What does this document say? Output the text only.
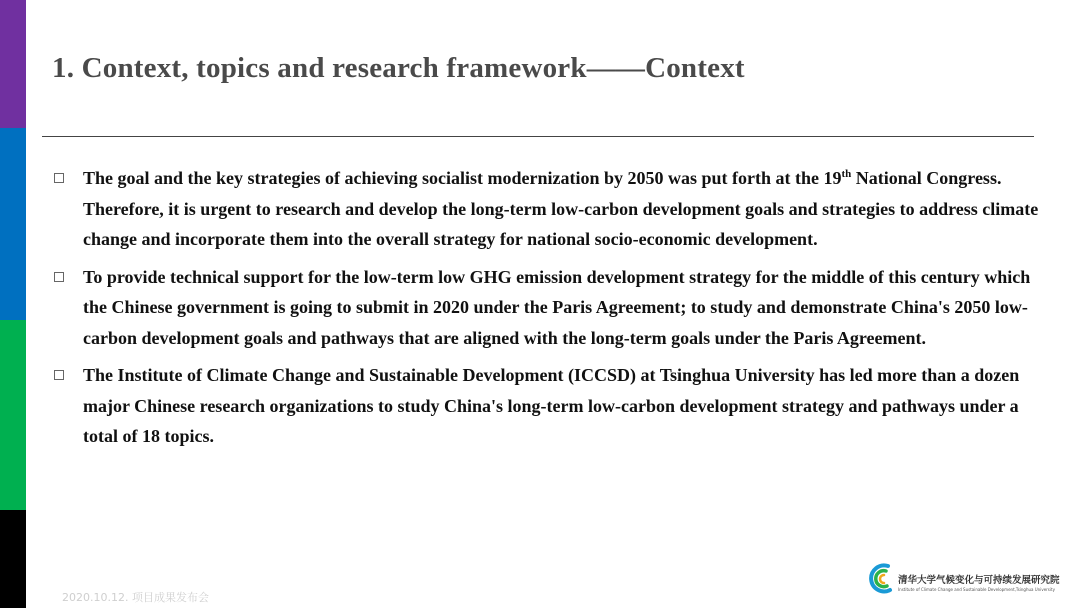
1. Context, topics and research framework——Context
The goal and the key strategies of achieving socialist modernization by 2050 was put forth at the 19th National Congress. Therefore, it is urgent to research and develop the long-term low-carbon development goals and strategies to address climate change and incorporate them into the overall strategy for national socio-economic development.
To provide technical support for the low-term low GHG emission development strategy for the middle of this century which the Chinese government is going to submit in 2020 under the Paris Agreement; to study and demonstrate China's 2050 low-carbon development goals and pathways that are aligned with the long-term goals under the Paris Agreement.
The Institute of Climate Change and Sustainable Development (ICCSD) at Tsinghua University has led more than a dozen major Chinese research organizations to study China's long-term low-carbon development strategy and pathways under a total of 18 topics.
2020.10.12. 项目成果发布会
清华大学气候变化与可持续发展研究院
Institute of Climate Change and Sustainable Development,Tsinghua University
